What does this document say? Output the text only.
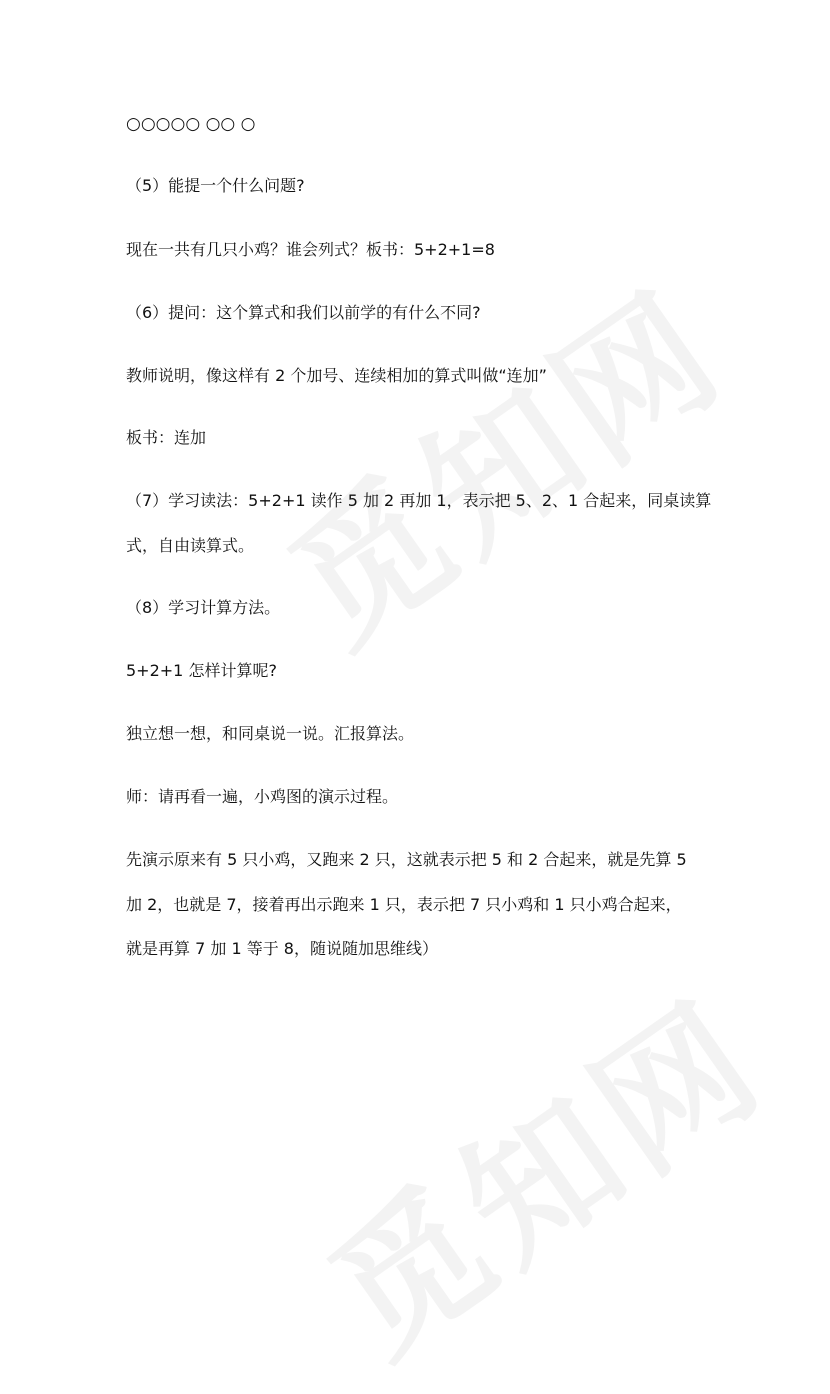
○○○○○ ○○ ○

（5）能提一个什么问题?

现在一共有几只小鸡？谁会列式？板书：5+2+1=8

（6）提问：这个算式和我们以前学的有什么不同?

教师说明，像这样有 2 个加号、连续相加的算式叫做“连加”

板书：连加

（7）学习读法：5+2+1 读作 5 加 2 再加 1，表示把 5、2、1 合起来，同桌读算

式，自由读算式。

（8）学习计算方法。

5+2+1 怎样计算呢?

独立想一想，和同桌说一说。汇报算法。

师：请再看一遍，小鸡图的演示过程。

先演示原来有 5 只小鸡，又跑来 2 只，这就表示把 5 和 2 合起来，就是先算 5

加 2，也就是 7，接着再出示跑来 1 只，表示把 7 只小鸡和 1 只小鸡合起来，

就是再算 7 加 1 等于 8，随说随加思维线）
